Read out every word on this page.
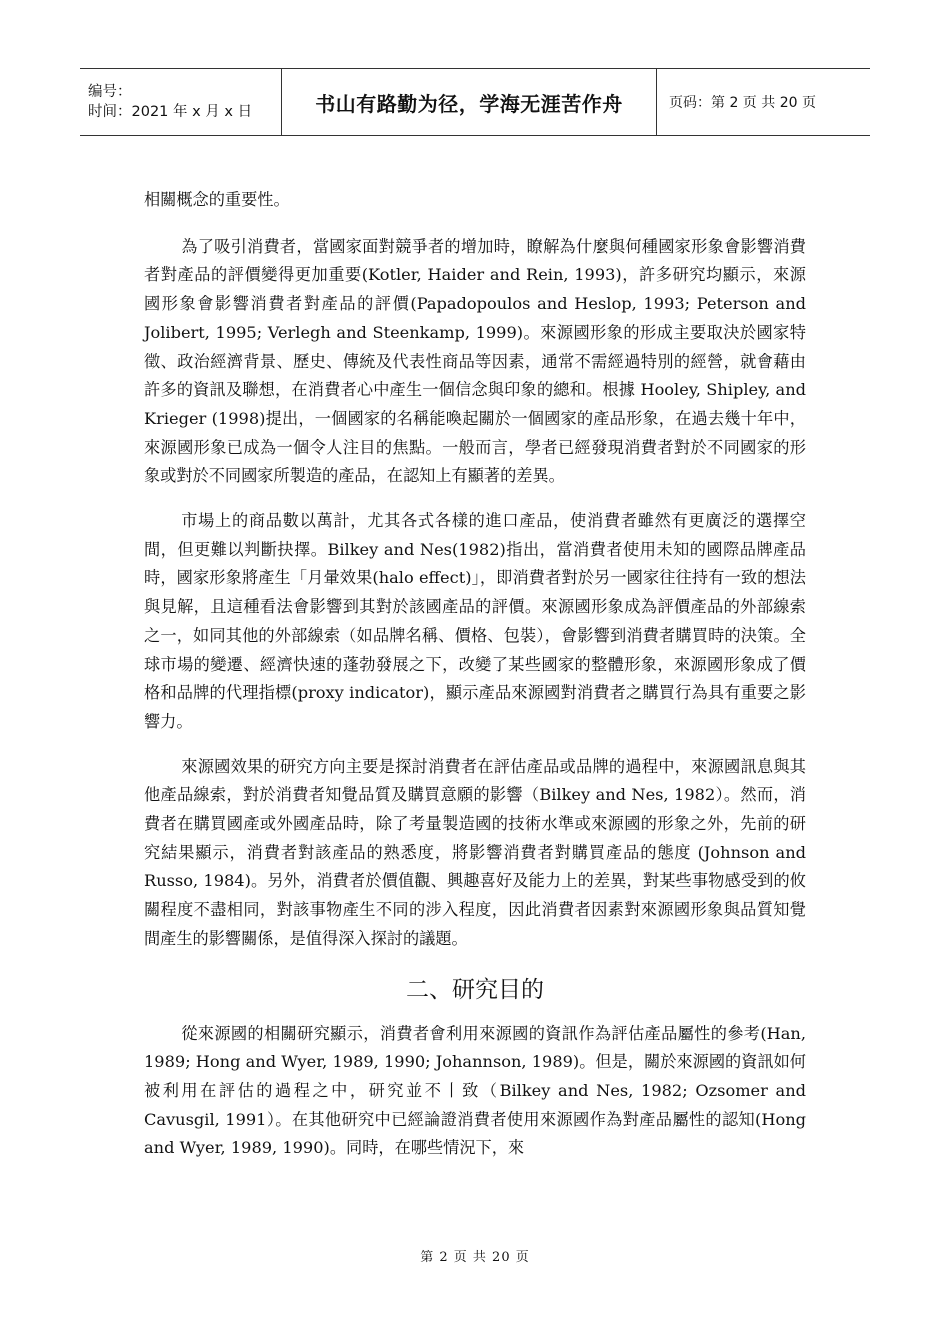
编号：
时间：2021 年 x 月 x 日	书山有路勤为径，学海无涯苦作舟	页码：第 2 页 共 20 页

相關概念的重要性。

為了吸引消費者，當國家面對競爭者的增加時，瞭解為什麼與何種國家形象會影響消費者對產品的評價變得更加重要(Kotler, Haider and Rein, 1993)，許多研究均顯示，來源國形象會影響消費者對產品的評價(Papadopoulos and Heslop, 1993; Peterson and Jolibert, 1995; Verlegh and Steenkamp, 1999)。來源國形象的形成主要取決於國家特徵、政治經濟背景、歷史、傳統及代表性商品等因素，通常不需經過特別的經營，就會藉由許多的資訊及聯想，在消費者心中產生一個信念與印象的總和。根據 Hooley, Shipley, and Krieger (1998)提出，一個國家的名稱能喚起關於一個國家的產品形象，在過去幾十年中，來源國形象已成為一個令人注目的焦點。一般而言，學者已經發現消費者對於不同國家的形象或對於不同國家所製造的產品，在認知上有顯著的差異。

市場上的商品數以萬計，尤其各式各樣的進口產品，使消費者雖然有更廣泛的選擇空間，但更難以判斷抉擇。Bilkey and Nes(1982)指出，當消費者使用未知的國際品牌產品時，國家形象將產生「月暈效果(halo effect)」，即消費者對於另一國家往往持有一致的想法與見解，且這種看法會影響到其對於該國產品的評價。來源國形象成為評價產品的外部線索之一，如同其他的外部線索（如品牌名稱、價格、包裝），會影響到消費者購買時的決策。全球市場的變遷、經濟快速的蓬勃發展之下，改變了某些國家的整體形象，來源國形象成了價格和品牌的代理指標(proxy indicator)，顯示產品來源國對消費者之購買行為具有重要之影響力。

來源國效果的研究方向主要是探討消費者在評估產品或品牌的過程中，來源國訊息與其他產品線索，對於消費者知覺品質及購買意願的影響（Bilkey and Nes, 1982）。然而，消費者在購買國產或外國產品時，除了考量製造國的技術水準或來源國的形象之外，先前的研究結果顯示，消費者對該產品的熟悉度，將影響消費者對購買產品的態度 (Johnson and Russo, 1984)。另外，消費者於價值觀、興趣喜好及能力上的差異，對某些事物感受到的攸關程度不盡相同，對該事物產生不同的涉入程度，因此消費者因素對來源國形象與品質知覺間產生的影響關係，是值得深入探討的議題。

二、研究目的

從來源國的相關研究顯示，消費者會利用來源國的資訊作為評估產品屬性的參考(Han, 1989; Hong and Wyer, 1989, 1990; Johannson, 1989)。但是，關於來源國的資訊如何被利用在評估的過程之中，研究並不丨致（Bilkey and Nes, 1982; Ozsomer and Cavusgil, 1991）。在其他研究中已經論證消費者使用來源國作為對產品屬性的認知(Hong and Wyer, 1989, 1990)。同時，在哪些情況下，來

第 2 页 共 20 页
